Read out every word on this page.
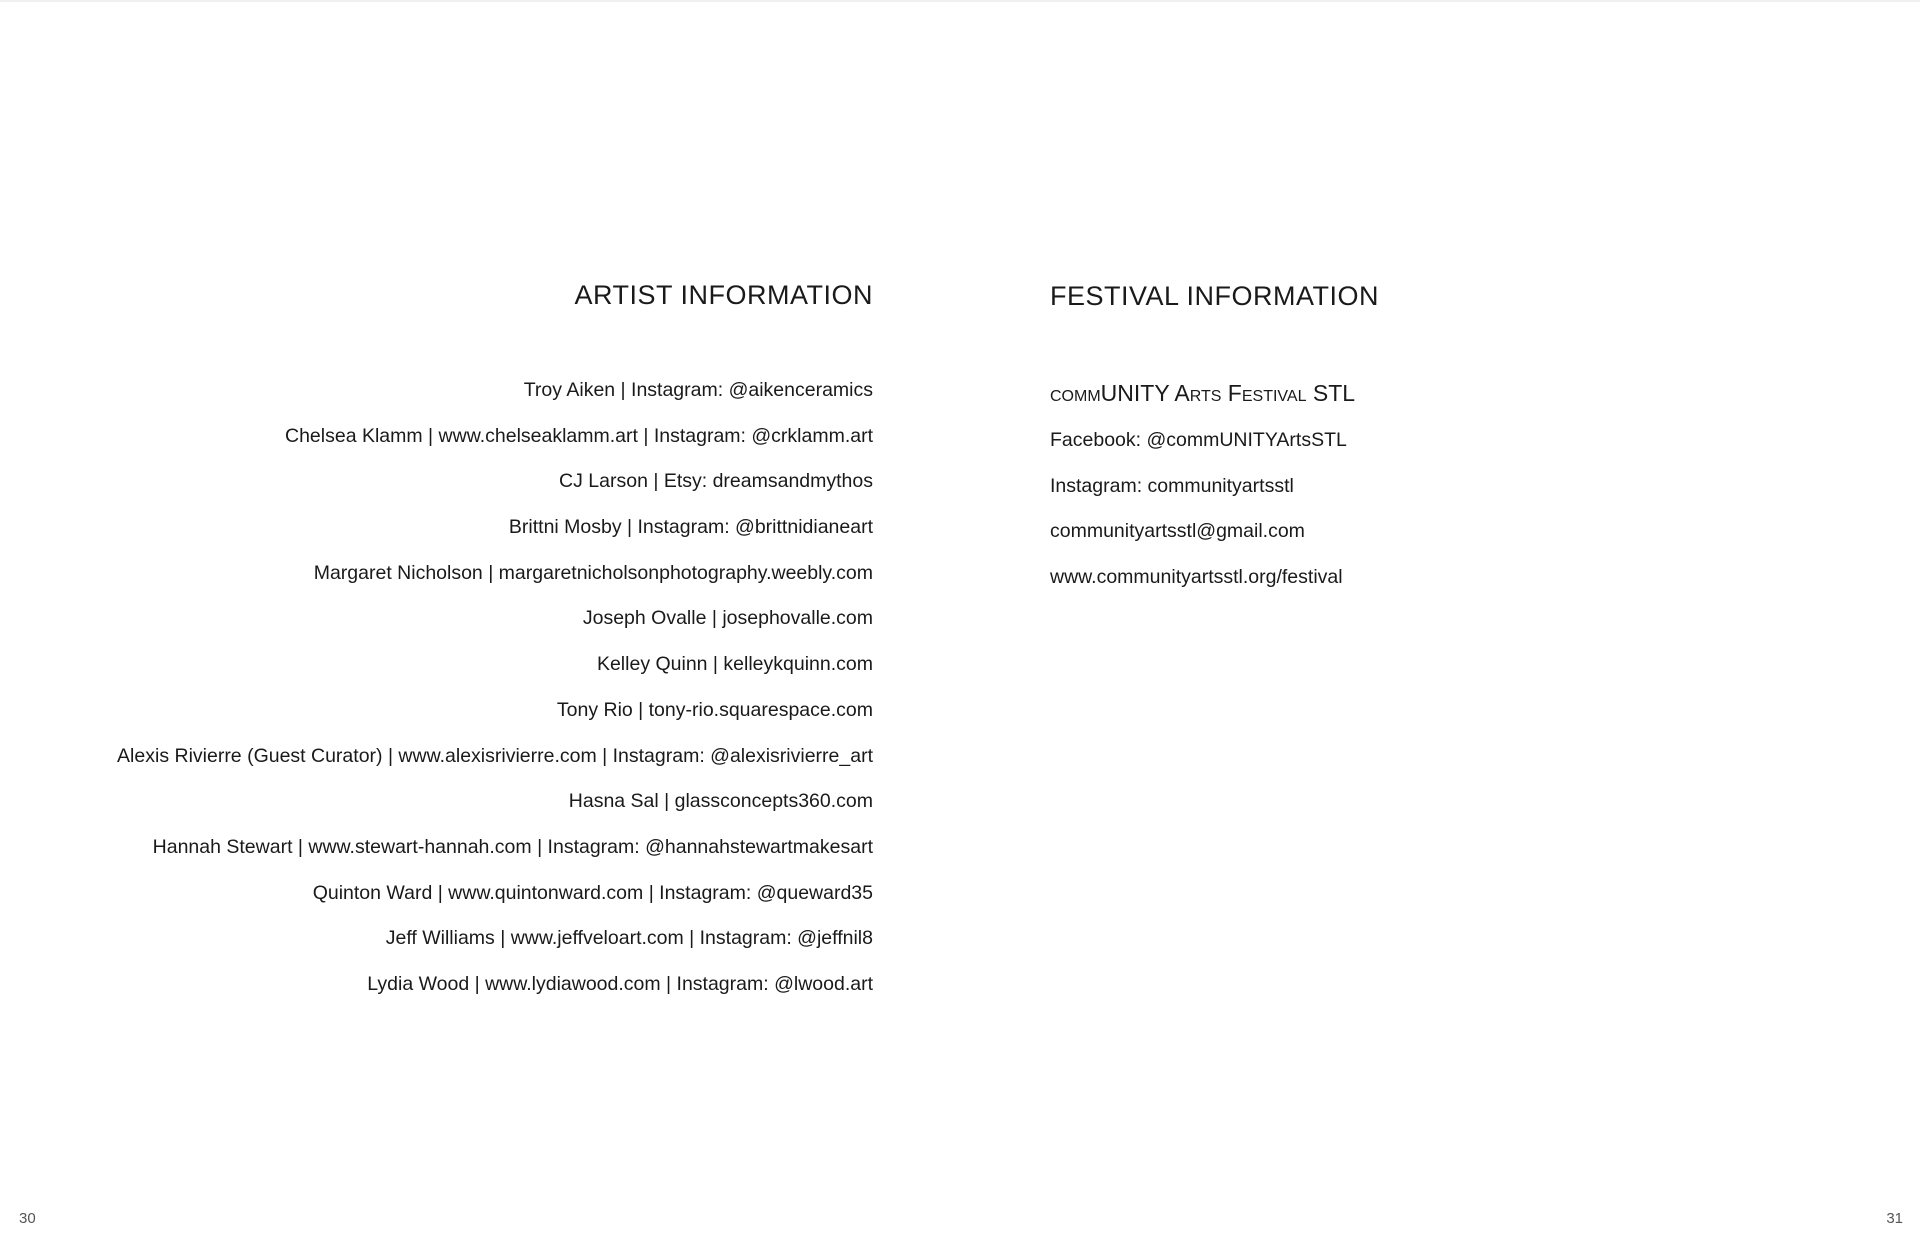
ARTIST INFORMATION
Troy Aiken | Instagram: @aikenceramics
Chelsea Klamm | www.chelseaklamm.art | Instagram: @crklamm.art
CJ Larson | Etsy: dreamsandmythos
Brittni Mosby | Instagram: @brittnidianeart
Margaret Nicholson | margaretnicholsonphotography.weebly.com
Joseph Ovalle | josephovalle.com
Kelley Quinn | kelleykquinn.com
Tony Rio | tony-rio.squarespace.com
Alexis Rivierre (Guest Curator) | www.alexisrivierre.com | Instagram: @alexisrivierre_art
Hasna Sal | glassconcepts360.com
Hannah Stewart | www.stewart-hannah.com | Instagram: @hannahstewartmakesart
Quinton Ward | www.quintonward.com | Instagram: @queward35
Jeff Williams | www.jeffveloart.com | Instagram: @jeffnil8
Lydia Wood | www.lydiawood.com | Instagram: @lwood.art
30
FESTIVAL INFORMATION
commUNITY Arts Festival STL
Facebook: @commUNITYArtsSTL
Instagram: communityartsstl
communityartsstl@gmail.com
www.communityartsstl.org/festival
31
